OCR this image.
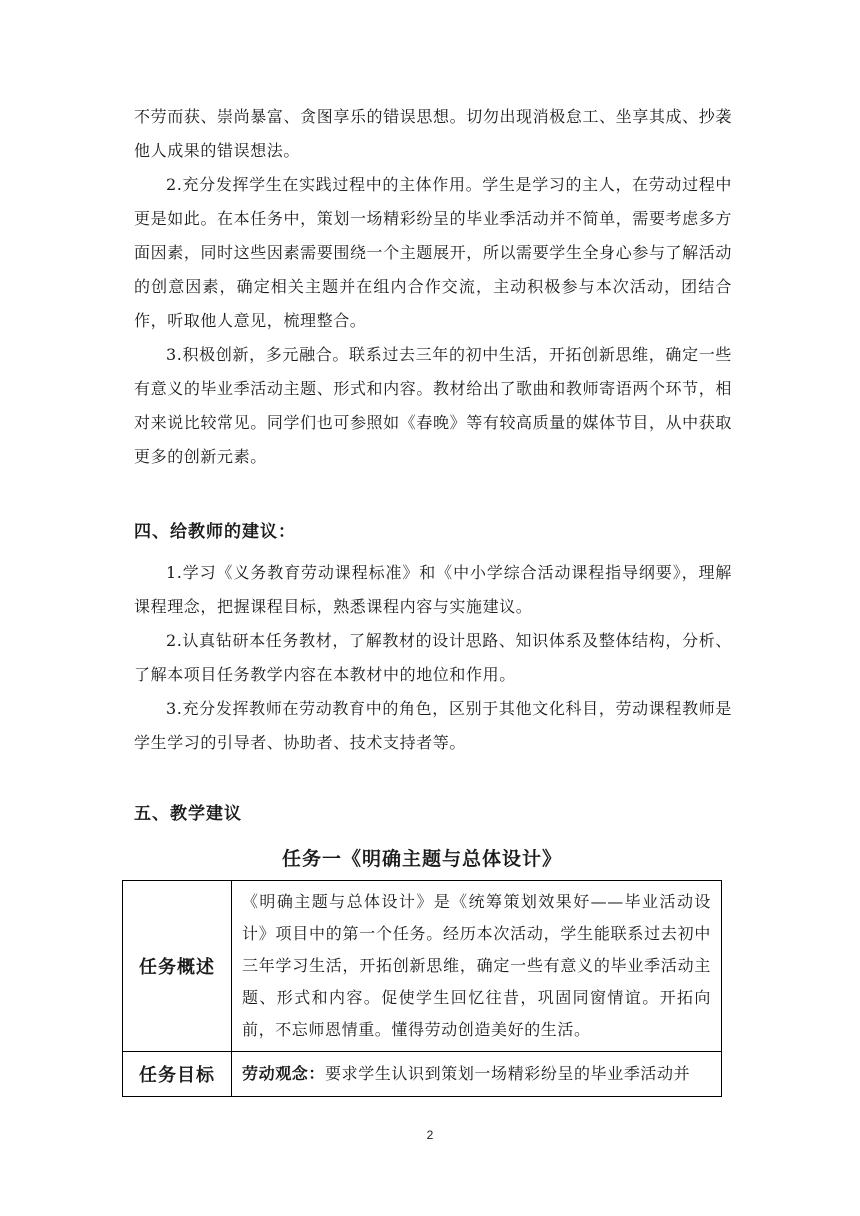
不劳而获、崇尚暴富、贪图享乐的错误思想。切勿出现消极怠工、坐享其成、抄袭他人成果的错误想法。

2.充分发挥学生在实践过程中的主体作用。学生是学习的主人，在劳动过程中更是如此。在本任务中，策划一场精彩纷呈的毕业季活动并不简单，需要考虑多方面因素，同时这些因素需要围绕一个主题展开，所以需要学生全身心参与了解活动的创意因素，确定相关主题并在组内合作交流，主动积极参与本次活动，团结合作，听取他人意见，梳理整合。

3.积极创新，多元融合。联系过去三年的初中生活，开拓创新思维，确定一些有意义的毕业季活动主题、形式和内容。教材给出了歌曲和教师寄语两个环节，相对来说比较常见。同学们也可参照如《春晚》等有较高质量的媒体节目，从中获取更多的创新元素。

四、给教师的建议：

1.学习《义务教育劳动课程标准》和《中小学综合活动课程指导纲要》，理解课程理念，把握课程目标，熟悉课程内容与实施建议。

2.认真钻研本任务教材，了解教材的设计思路、知识体系及整体结构，分析、了解本项目任务教学内容在本教材中的地位和作用。

3.充分发挥教师在劳动教育中的角色，区别于其他文化科目，劳动课程教师是学生学习的引导者、协助者、技术支持者等。

五、教学建议
任务一《明确主题与总体设计》
任务概述	《明确主题与总体设计》是《统筹策划效果好——毕业活动设计》项目中的第一个任务。经历本次活动，学生能联系过去初中三年学习生活，开拓创新思维，确定一些有意义的毕业季活动主题、形式和内容。促使学生回忆往昔，巩固同窗情谊。开拓向前，不忘师恩情重。懂得劳动创造美好的生活。
任务目标	劳动观念：要求学生认识到策划一场精彩纷呈的毕业季活动并
2
